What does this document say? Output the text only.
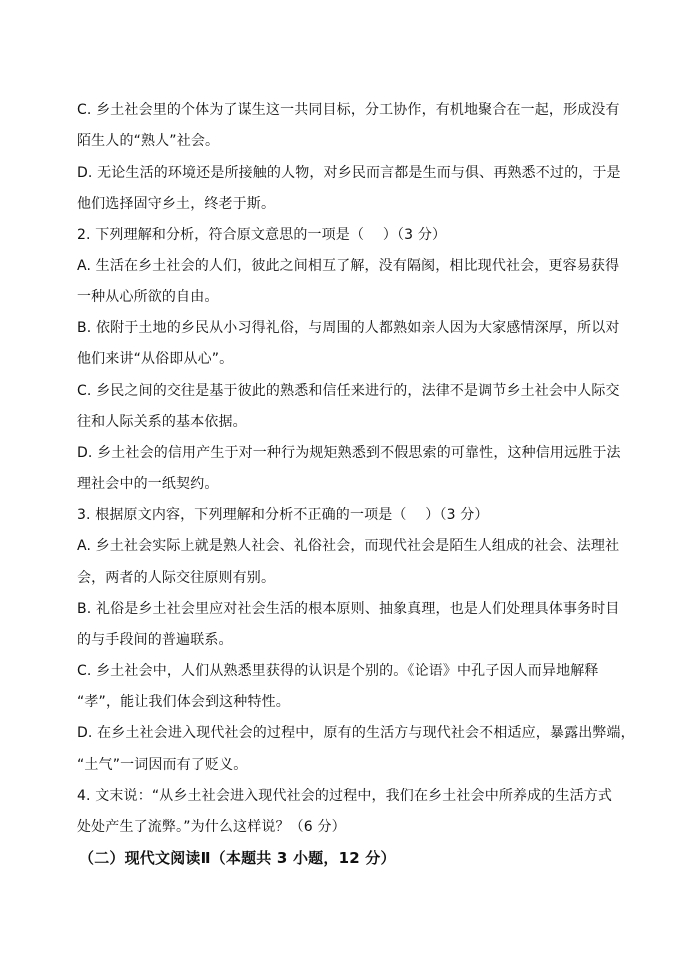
C. 乡土社会里的个体为了谋生这一共同目标，分工协作，有机地聚合在一起，形成没有
陌生人的“熟人”社会。
D. 无论生活的环境还是所接触的人物，对乡民而言都是生而与俱、再熟悉不过的，于是
他们选择固守乡土，终老于斯。
2. 下列理解和分析，符合原文意思的一项是（　 ）（3 分）
A. 生活在乡土社会的人们，彼此之间相互了解，没有隔阂，相比现代社会，更容易获得
一种从心所欲的自由。
B. 依附于土地的乡民从小习得礼俗，与周围的人都熟如亲人因为大家感情深厚，所以对
他们来讲“从俗即从心”。
C. 乡民之间的交往是基于彼此的熟悉和信任来进行的，法律不是调节乡土社会中人际交
往和人际关系的基本依据。
D. 乡土社会的信用产生于对一种行为规矩熟悉到不假思索的可靠性，这种信用远胜于法
理社会中的一纸契约。
3. 根据原文内容，下列理解和分析不正确的一项是（　 ）（3 分）
A. 乡土社会实际上就是熟人社会、礼俗社会，而现代社会是陌生人组成的社会、法理社
会，两者的人际交往原则有别。
B. 礼俗是乡土社会里应对社会生活的根本原则、抽象真理，也是人们处理具体事务时目
的与手段间的普遍联系。
C. 乡土社会中，人们从熟悉里获得的认识是个别的。《论语》中孔子因人而异地解释
“孝”，能让我们体会到这种特性。
D. 在乡土社会进入现代社会的过程中，原有的生活方与现代社会不相适应，暴露出弊端，
“土气”一词因而有了贬义。
4. 文末说：“从乡土社会进入现代社会的过程中，我们在乡土社会中所养成的生活方式
处处产生了流弊。”为什么这样说？（6 分）
（二）现代文阅读Ⅱ（本题共 3 小题，12 分）
